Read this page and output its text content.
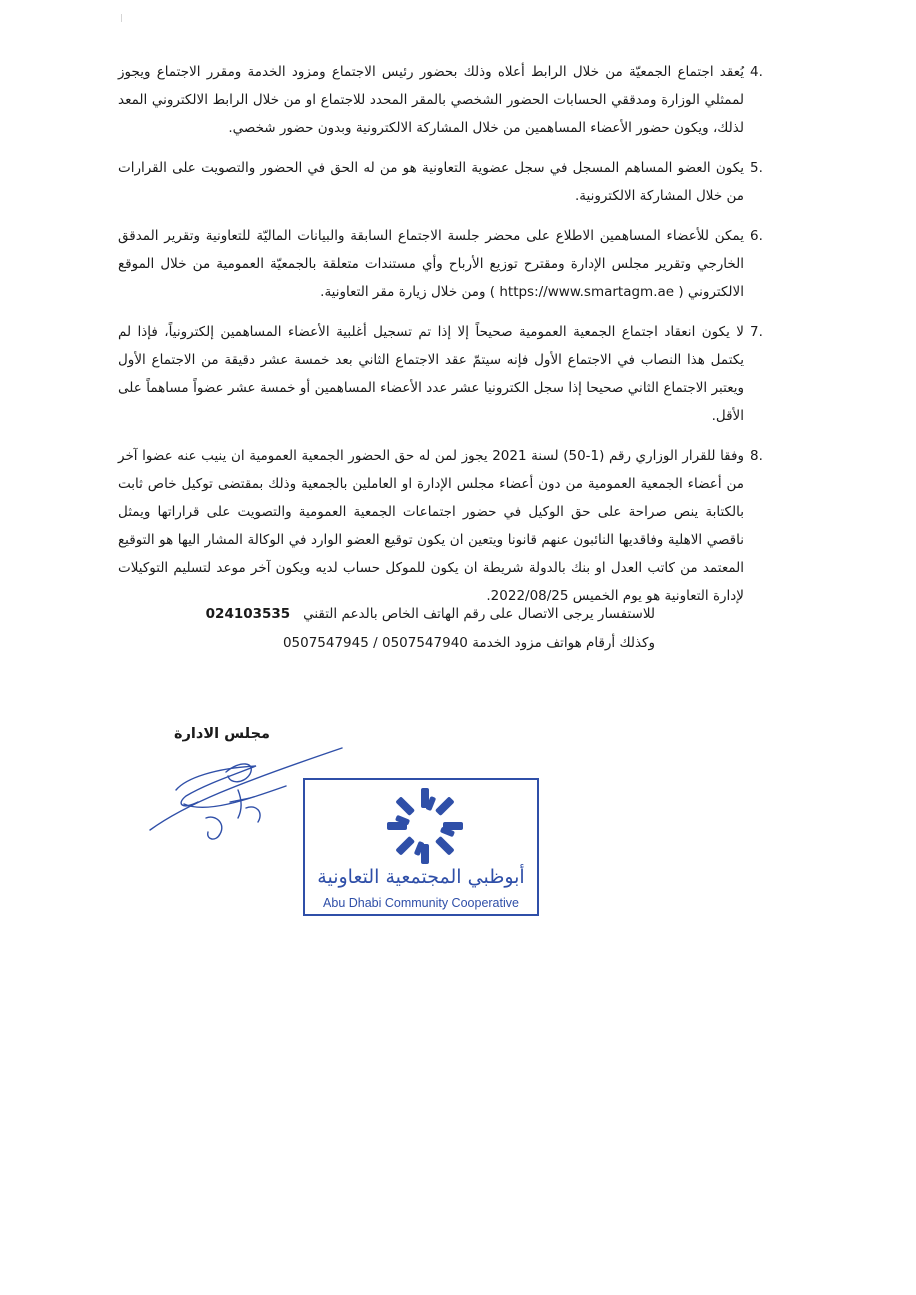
4.
يُعقد اجتماع الجمعيّة من خلال الرابط أعلاه وذلك بحضور رئيس الاجتماع ومزود الخدمة ومقرر الاجتماع ويجوز لممثلي الوزارة ومدققي الحسابات الحضور الشخصي بالمقر المحدد للاجتماع او من خلال الرابط الالكتروني المعد لذلك، ويكون حضور الأعضاء المساهمين من خلال المشاركة الالكترونية وبدون حضور شخصي.
5.
يكون العضو المساهم المسجل في سجل عضوية التعاونية هو من له الحق في الحضور والتصويت على القرارات من خلال المشاركة الالكترونية.
6.
يمكن للأعضاء المساهمين الاطلاع على محضر جلسة الاجتماع السابقة والبيانات الماليّة للتعاونية وتقرير المدقق الخارجي وتقرير مجلس الإدارة ومقترح توزيع الأرباح وأي مستندات متعلقة بالجمعيّة العمومية من خلال الموقع الالكتروني ( https://www.smartagm.ae ) ومن خلال زيارة مقر التعاونية.
7.
لا يكون انعقاد اجتماع الجمعية العمومية صحيحاً إلا إذا تم تسجيل أغلبية الأعضاء المساهمين إلكترونياً، فإذا لم يكتمل هذا النصاب في الاجتماع الأول فإنه سيتمّ عقد الاجتماع الثاني بعد خمسة عشر دقيقة من الاجتماع الأول ويعتبر الاجتماع الثاني صحيحا إذا سجل الكترونيا عشر عدد الأعضاء المساهمين أو خمسة عشر عضواً مساهماً على الأقل.
8.
وفقا للقرار الوزاري رقم (1-50) لسنة 2021 يجوز لمن له حق الحضور الجمعية العمومية ان ينيب عنه عضوا آخر من أعضاء الجمعية العمومية من دون أعضاء مجلس الإدارة او العاملين بالجمعية وذلك بمقتضى توكيل خاص ثابت بالكتابة ينص صراحة على حق الوكيل في حضور اجتماعات الجمعية العمومية والتصويت على قراراتها ويمثل ناقصي الاهلية وفاقديها النائبون عنهم قانونا ويتعين ان يكون توقيع العضو الوارد في الوكالة المشار اليها هو التوقيع المعتمد من كاتب العدل او بنك بالدولة شريطة ان يكون للموكل حساب لديه ويكون آخر موعد لتسليم التوكيلات لإدارة التعاونية هو يوم الخميس 2022/08/25.
للاستفسار يرجى الاتصال على رقم الهاتف الخاص بالدعم التقني   024103535
وكذلك أرقام هواتف مزود الخدمة 0507547940 / 0507547945
مجلس الادارة
أبوظبي المجتمعية التعاونية
Abu Dhabi Community Cooperative
